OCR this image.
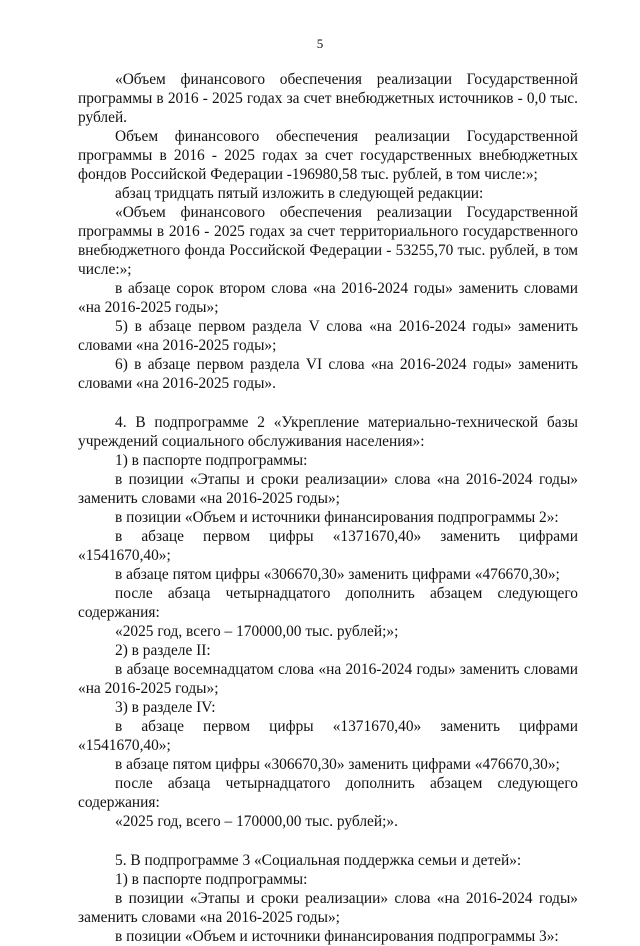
5

«Объем финансового обеспечения реализации Государственной программы в 2016 - 2025 годах за счет внебюджетных источников - 0,0 тыс. рублей.

Объем финансового обеспечения реализации Государственной программы в 2016 - 2025 годах за счет государственных внебюджетных фондов Российской Федерации -196980,58 тыс. рублей, в том числе:»;

абзац тридцать пятый изложить в следующей редакции:

«Объем финансового обеспечения реализации Государственной программы в 2016 - 2025 годах за счет территориального государственного внебюджетного фонда Российской Федерации - 53255,70 тыс. рублей, в том числе:»;

в абзаце сорок втором слова «на 2016-2024 годы» заменить словами «на 2016-2025 годы»;

5) в абзаце первом раздела V слова «на 2016-2024 годы» заменить словами «на 2016-2025 годы»;

6) в абзаце первом раздела VI слова «на 2016-2024 годы» заменить словами «на 2016-2025 годы».

4. В подпрограмме 2 «Укрепление материально-технической базы учреждений социального обслуживания населения»:

1) в паспорте подпрограммы:

в позиции «Этапы и сроки реализации» слова «на 2016-2024 годы» заменить словами «на 2016-2025 годы»;

в позиции «Объем и источники финансирования подпрограммы 2»:

в абзаце первом цифры «1371670,40» заменить цифрами «1541670,40»;

в абзаце пятом цифры «306670,30» заменить цифрами «476670,30»;

после абзаца четырнадцатого дополнить абзацем следующего содержания:

«2025 год, всего – 170000,00 тыс. рублей;»;

2) в разделе II:

в абзаце восемнадцатом слова «на 2016-2024 годы» заменить словами «на 2016-2025 годы»;

3) в разделе IV:

в абзаце первом цифры «1371670,40» заменить цифрами «1541670,40»;

в абзаце пятом цифры «306670,30» заменить цифрами «476670,30»;

после абзаца четырнадцатого дополнить абзацем следующего содержания:

«2025 год, всего – 170000,00 тыс. рублей;».

5. В подпрограмме 3 «Социальная поддержка семьи и детей»:

1) в паспорте подпрограммы:

в позиции «Этапы и сроки реализации» слова «на 2016-2024 годы» заменить словами «на 2016-2025 годы»;

в позиции «Объем и источники финансирования подпрограммы 3»:
